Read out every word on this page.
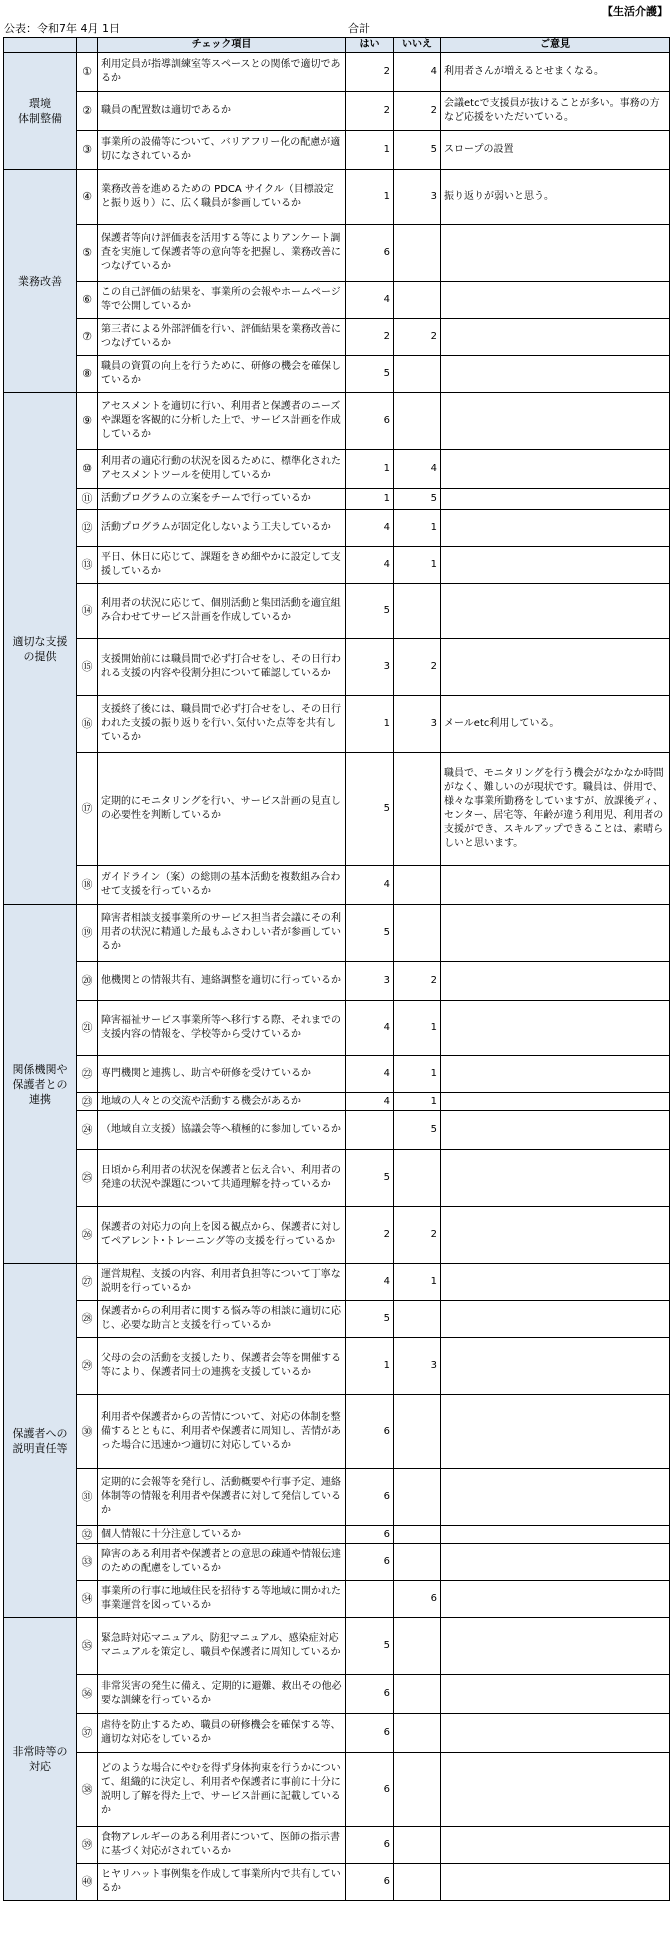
【生活介護】
公表：令和7年 4月 1日	合計
		チェック項目	はい	いいえ	ご意見
環境
体制整備	①	利用定員が指導訓練室等スペースとの関係で適切であるか	2	4	利用者さんが増えるとせまくなる。
	②	職員の配置数は適切であるか	2	2	会議etcで支援員が抜けることが多い。事務の方など応援をいただいている。
	③	事業所の設備等について、バリアフリー化の配慮が適切になされているか	1	5	スロープの設置
業務改善	④	業務改善を進めるための PDCA サイクル（目標設定と振り返り）に、広く職員が参画しているか	1	3	振り返りが弱いと思う。
	⑤	保護者等向け評価表を活用する等によりアンケート調査を実施して保護者等の意向等を把握し、業務改善につなげているか	6		
	⑥	この自己評価の結果を、事業所の会報やホームページ等で公開しているか	4		
	⑦	第三者による外部評価を行い、評価結果を業務改善につなげているか	2	2	
	⑧	職員の資質の向上を行うために、研修の機会を確保しているか	5		
適切な支援
の提供	⑨	アセスメントを適切に行い、利用者と保護者のニーズや課題を客観的に分析した上で、サービス計画を作成しているか	6		
	⑩	利用者の適応行動の状況を図るために、標準化されたアセスメントツールを使用しているか	1	4	
	⑪	活動プログラムの立案をチームで行っているか	1	5	
	⑫	活動プログラムが固定化しないよう工夫しているか	4	1	
	⑬	平日、休日に応じて、課題をきめ細やかに設定して支援しているか	4	1	
	⑭	利用者の状況に応じて、個別活動と集団活動を適宜組み合わせてサービス計画を作成しているか	5		
	⑮	支援開始前には職員間で必ず打合せをし、その日行われる支援の内容や役割分担について確認しているか	3	2	
	⑯	支援終了後には、職員間で必ず打合せをし、その日行われた支援の振り返りを行い､気付いた点等を共有しているか	1	3	メールetc利用している。
	⑰	定期的にモニタリングを行い、サービス計画の見直しの必要性を判断しているか	5		職員で、モニタリングを行う機会がなかなか時間がなく、難しいのが現状です。職員は、併用で、様々な事業所勤務をしていますが、放課後ディ、センター、居宅等、年齢が違う利用児、利用者の支援ができ、スキルアップできることは、素晴らしいと思います。
	⑱	ガイドライン（案）の総則の基本活動を複数組み合わせて支援を行っているか	4		
関係機関や
保護者との
連携	⑲	障害者相談支援事業所のサービス担当者会議にその利用者の状況に精通した最もふさわしい者が参画しているか	5		
	⑳	他機関との情報共有、連絡調整を適切に行っているか	3	2	
	㉑	障害福祉サービス事業所等へ移行する際、それまでの支援内容の情報を、学校等から受けているか	4	1	
	㉒	専門機関と連携し、助言や研修を受けているか	4	1	
	㉓	地域の人々との交流や活動する機会があるか	4	1	
	㉔	（地域自立支援）協議会等へ積極的に参加しているか		5	
	㉕	日頃から利用者の状況を保護者と伝え合い、利用者の発達の状況や課題について共通理解を持っているか	5		
	㉖	保護者の対応力の向上を図る観点から、保護者に対してペアレント･トレーニング等の支援を行っているか	2	2	
保護者への
説明責任等	㉗	運営規程、支援の内容、利用者負担等について丁寧な説明を行っているか	4	1	
	㉘	保護者からの利用者に関する悩み等の相談に適切に応じ、必要な助言と支援を行っているか	5		
	㉙	父母の会の活動を支援したり、保護者会等を開催する等により、保護者同士の連携を支援しているか	1	3	
	㉚	利用者や保護者からの苦情について、対応の体制を整備するとともに、利用者や保護者に周知し、苦情があった場合に迅速かつ適切に対応しているか	6		
	㉛	定期的に会報等を発行し、活動概要や行事予定、連絡体制等の情報を利用者や保護者に対して発信しているか	6		
	㉜	個人情報に十分注意しているか	6		
	㉝	障害のある利用者や保護者との意思の疎通や情報伝達のための配慮をしているか	6		
	㉞	事業所の行事に地域住民を招待する等地域に開かれた事業運営を図っているか		6	
非常時等の
対応	㉟	緊急時対応マニュアル、防犯マニュアル、感染症対応マニュアルを策定し、職員や保護者に周知しているか	5		
	㊱	非常災害の発生に備え、定期的に避難、救出その他必要な訓練を行っているか	6		
	㊲	虐待を防止するため、職員の研修機会を確保する等、適切な対応をしているか	6		
	㊳	どのような場合にやむを得ず身体拘束を行うかについて、組織的に決定し、利用者や保護者に事前に十分に説明し了解を得た上で、サービス計画に記載しているか	6		
	㊴	食物アレルギーのある利用者について、医師の指示書に基づく対応がされているか	6		
	㊵	ヒヤリハット事例集を作成して事業所内で共有しているか	6		
